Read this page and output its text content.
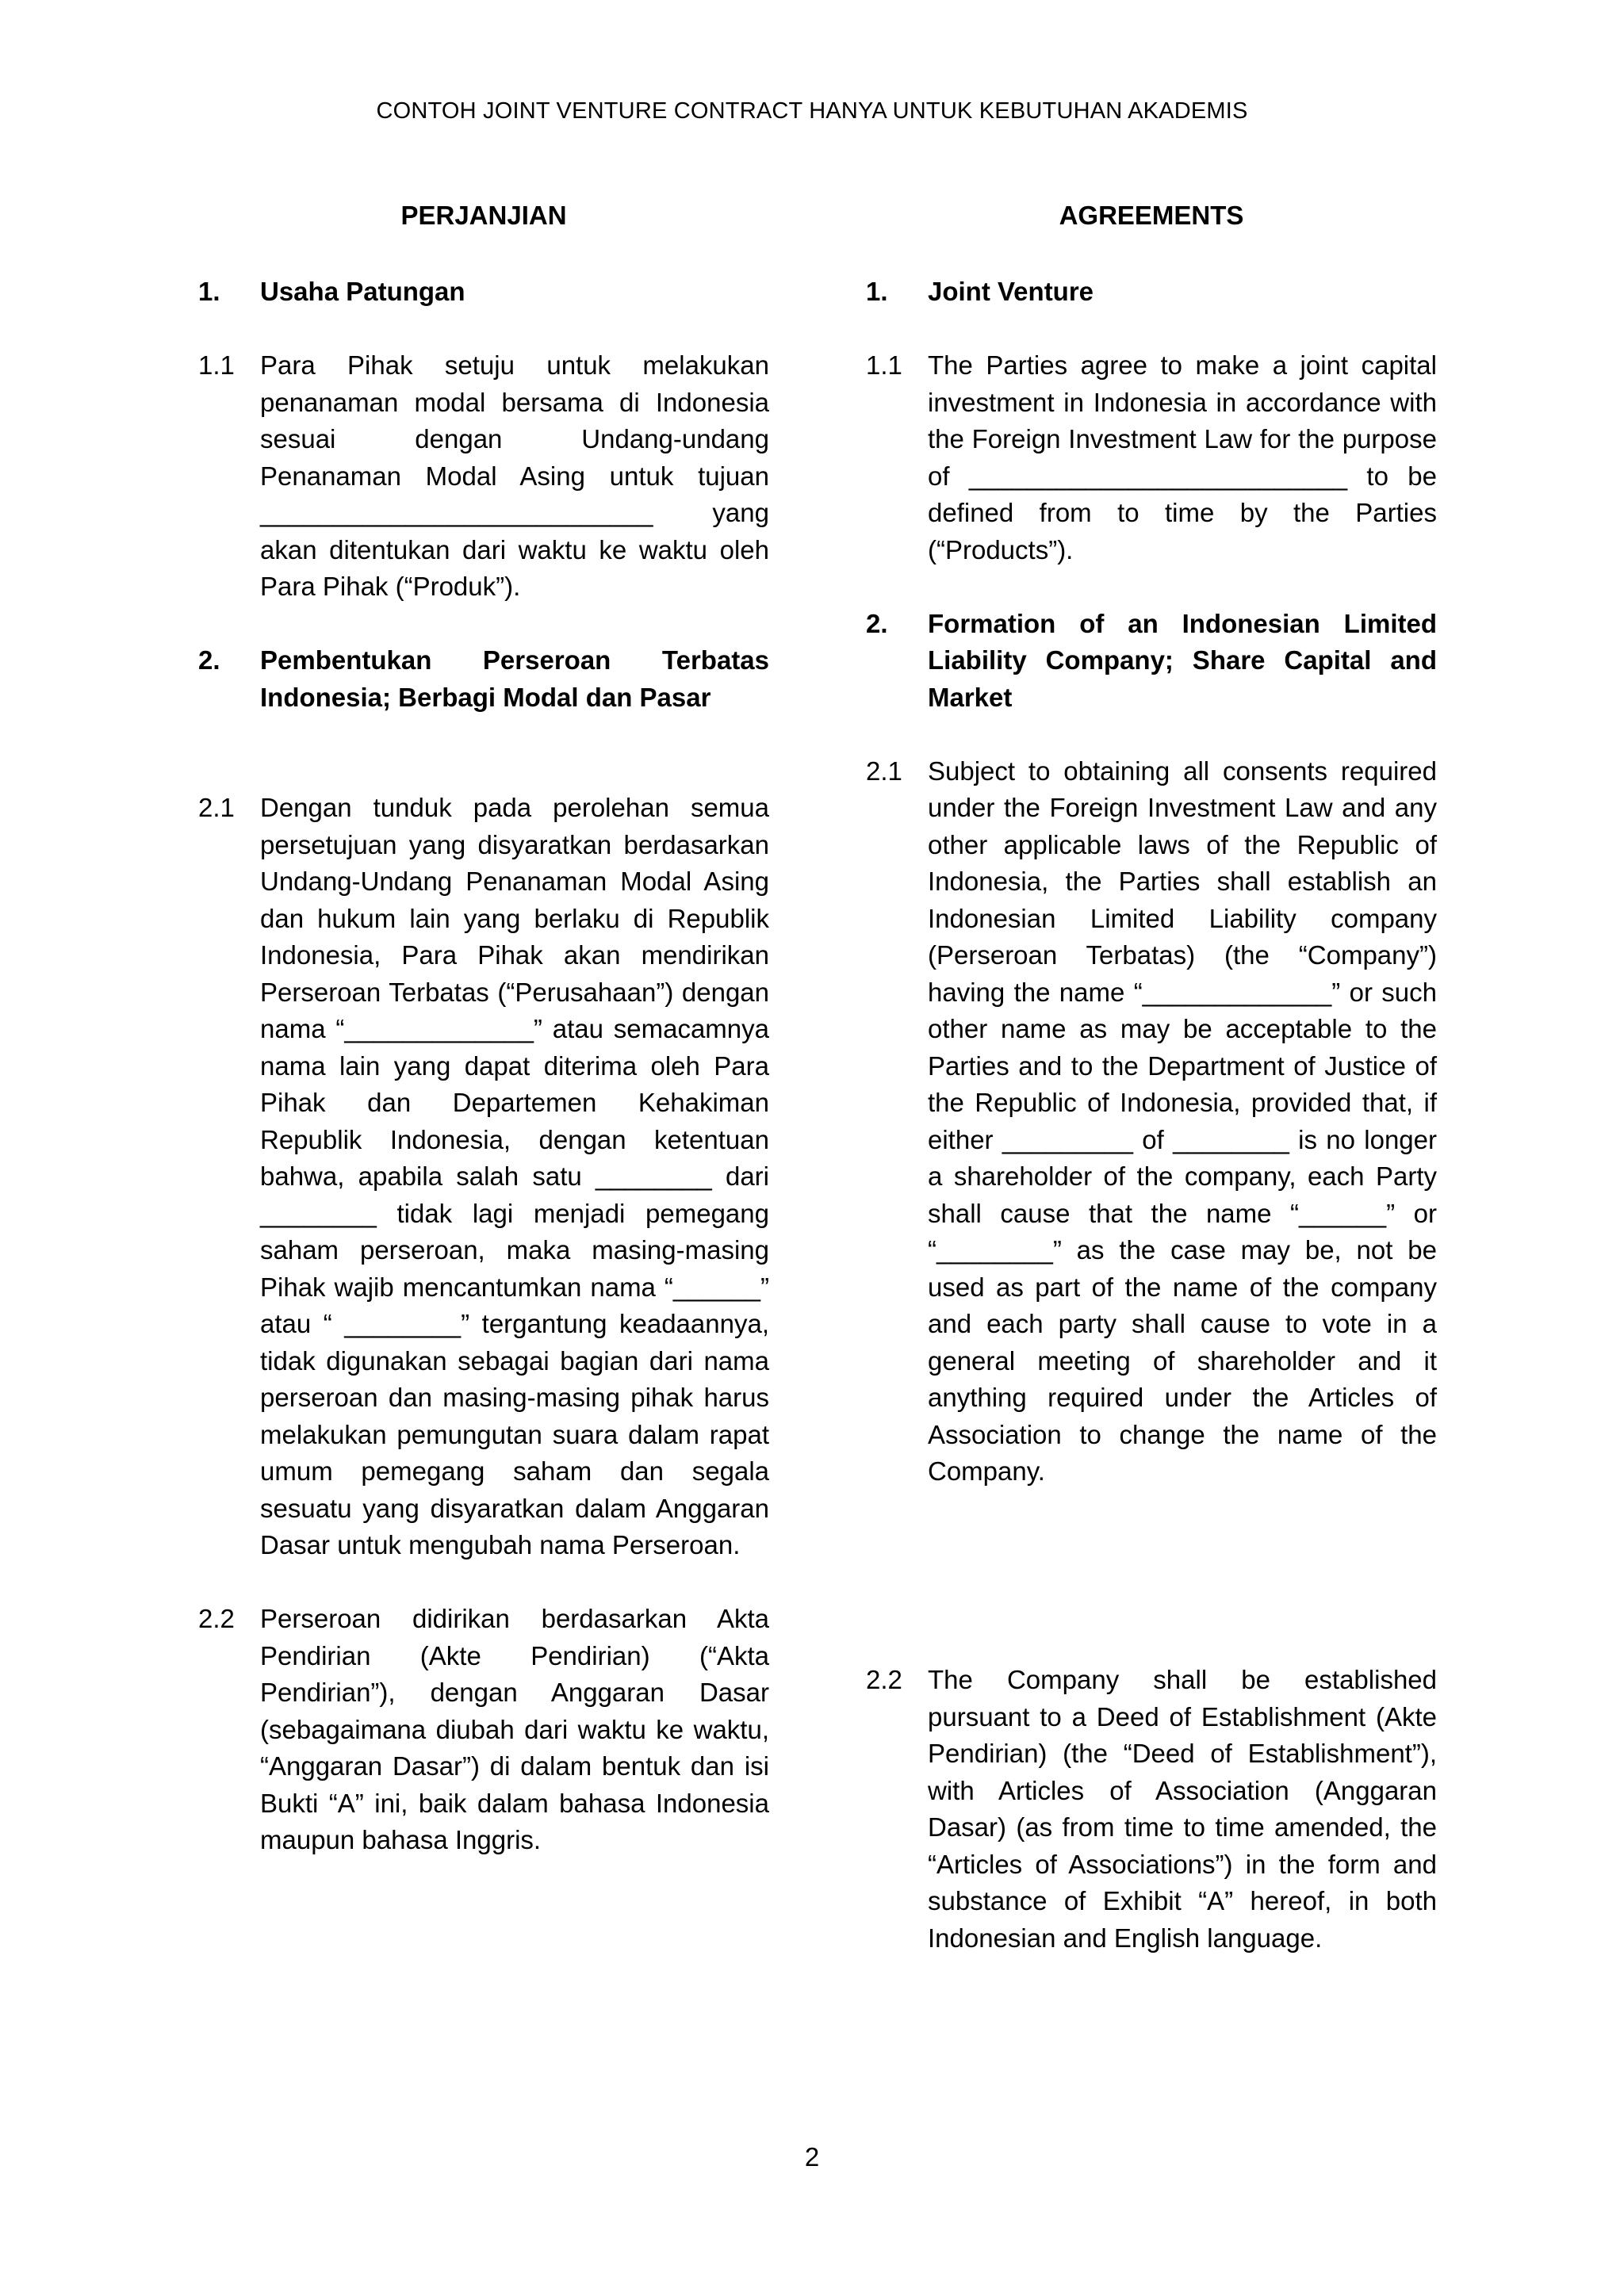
CONTOH JOINT VENTURE CONTRACT HANYA UNTUK KEBUTUHAN AKADEMIS
PERJANJIAN
1.	Usaha Patungan
1.1 Para Pihak setuju untuk melakukan penanaman modal bersama di Indonesia sesuai dengan Undang-undang Penanaman Modal Asing untuk tujuan ___________________________ yang akan ditentukan dari waktu ke waktu oleh Para Pihak (“Produk”).
2.	Pembentukan Perseroan Terbatas Indonesia; Berbagi Modal dan Pasar
2.1 Dengan tunduk pada perolehan semua persetujuan yang disyaratkan berdasarkan Undang-Undang Penanaman Modal Asing dan hukum lain yang berlaku di Republik Indonesia, Para Pihak akan mendirikan Perseroan Terbatas (“Perusahaan”) dengan nama “_____________” atau semacamnya nama lain yang dapat diterima oleh Para Pihak dan Departemen Kehakiman Republik Indonesia, dengan ketentuan bahwa, apabila salah satu ________ dari ________ tidak lagi menjadi pemegang saham perseroan, maka masing-masing Pihak wajib mencantumkan nama “______” atau “ ________” tergantung keadaannya, tidak digunakan sebagai bagian dari nama perseroan dan masing-masing pihak harus melakukan pemungutan suara dalam rapat umum pemegang saham dan segala sesuatu yang disyaratkan dalam Anggaran Dasar untuk mengubah nama Perseroan.
2.2 Perseroan didirikan berdasarkan Akta Pendirian (Akte Pendirian) (“Akta Pendirian”), dengan Anggaran Dasar (sebagaimana diubah dari waktu ke waktu, “Anggaran Dasar”) di dalam bentuk dan isi Bukti “A” ini, baik dalam bahasa Indonesia maupun bahasa Inggris.
AGREEMENTS
1.	Joint Venture
1.1 The Parties agree to make a joint capital investment in Indonesia in accordance with the Foreign Investment Law for the purpose of __________________________ to be defined from to time by the Parties (“Products”).
2.	Formation of an Indonesian Limited Liability Company; Share Capital and Market
2.1 Subject to obtaining all consents required under the Foreign Investment Law and any other applicable laws of the Republic of Indonesia, the Parties shall establish an Indonesian Limited Liability company (Perseroan Terbatas) (the “Company”) having the name “_____________” or such other name as may be acceptable to the Parties and to the Department of Justice of the Republic of Indonesia, provided that, if either _________ of ________ is no longer a shareholder of the company, each Party shall cause that the name “______” or “________” as the case may be, not be used as part of the name of the company and each party shall cause to vote in a general meeting of shareholder and it anything required under the Articles of Association to change the name of the Company.
2
2.2 The Company shall be established pursuant to a Deed of Establishment (Akte Pendirian) (the “Deed of Establishment”), with Articles of Association (Anggaran Dasar) (as from time to time amended, the “Articles of Associations”) in the form and substance of Exhibit “A” hereof, in both Indonesian and English language.
